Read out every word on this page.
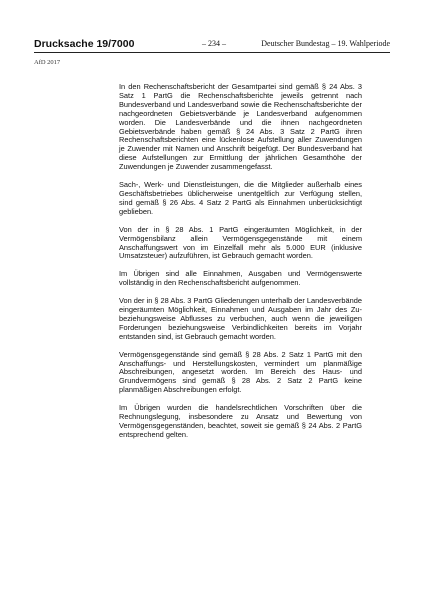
Drucksache 19/7000	– 234 –	Deutscher Bundestag – 19. Wahlperiode
AfD 2017

In den Rechenschaftsbericht der Gesamtpartei sind gemäß § 24 Abs. 3 Satz 1 PartG die Rechenschaftsberichte jeweils getrennt nach Bundesverband und Landesverband sowie die Rechenschaftsberichte der nachgeordneten Gebietsverbände je Landesverband aufgenommen worden. Die Landesverbände und die ihnen nachgeordneten Gebietsverbände haben gemäß § 24 Abs. 3 Satz 2 PartG ihren Rechenschaftsberichten eine lückenlose Aufstellung aller Zuwendungen je Zuwender mit Namen und Anschrift beigefügt. Der Bundesverband hat diese Aufstellungen zur Ermittlung der jährlichen Gesamthöhe der Zuwendungen je Zuwender zusammengefasst.

Sach-, Werk- und Dienstleistungen, die die Mitglieder außerhalb eines Geschäftsbetriebes üblicherweise unentgeltlich zur Verfügung stellen, sind gemäß § 26 Abs. 4 Satz 2 PartG als Einnahmen unberücksichtigt geblieben.

Von der in § 28 Abs. 1 PartG eingeräumten Möglichkeit, in der Vermögensbilanz allein Vermögensgegenstände mit einem Anschaffungswert von im Einzelfall mehr als 5.000 EUR (inklusive Umsatzsteuer) aufzuführen, ist Gebrauch gemacht worden.

Im Übrigen sind alle Einnahmen, Ausgaben und Vermögenswerte vollständig in den Rechenschaftsbericht aufgenommen.

Von der in § 28 Abs. 3 PartG Gliederungen unterhalb der Landesverbände eingeräumten Möglichkeit, Einnahmen und Ausgaben im Jahr des Zu- beziehungsweise Abflusses zu verbuchen, auch wenn die jeweiligen Forderungen beziehungsweise Verbindlichkeiten bereits im Vorjahr entstanden sind, ist Gebrauch gemacht worden.

Vermögensgegenstände sind gemäß § 28 Abs. 2 Satz 1 PartG mit den Anschaffungs- und Herstellungskosten, vermindert um planmäßige Abschreibungen, angesetzt worden. Im Bereich des Haus- und Grundvermögens sind gemäß § 28 Abs. 2 Satz 2 PartG keine planmäßigen Abschreibungen erfolgt.

Im Übrigen wurden die handelsrechtlichen Vorschriften über die Rechnungslegung, insbesondere zu Ansatz und Bewertung von Vermögensgegenständen, beachtet, soweit sie gemäß § 24 Abs. 2 PartG entsprechend gelten.
